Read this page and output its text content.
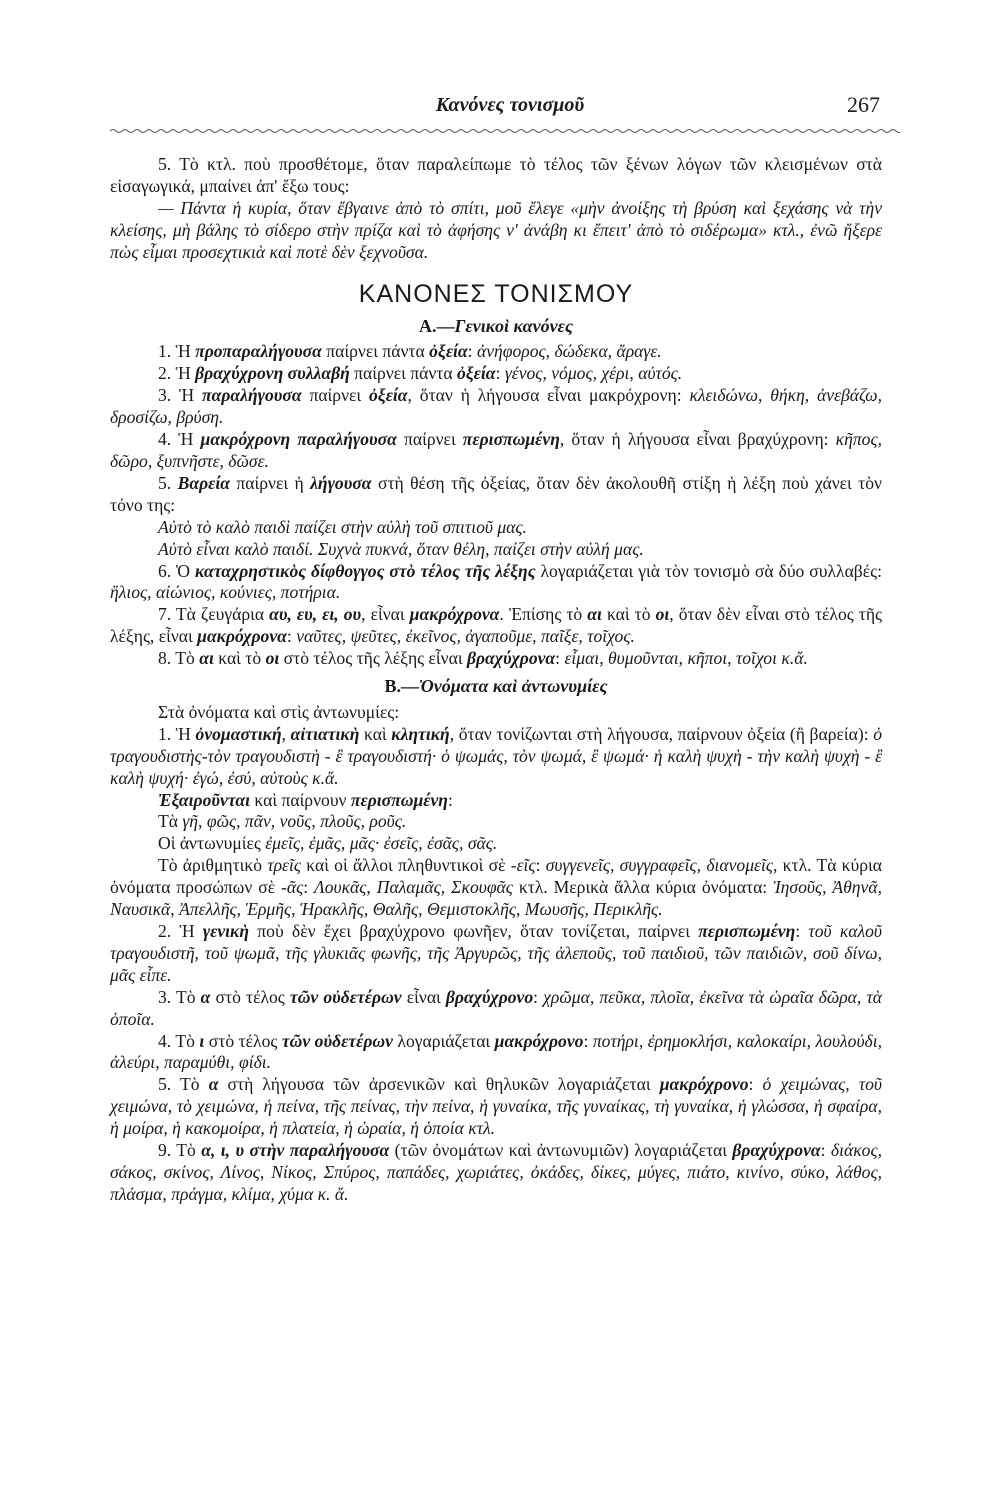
Κανόνες τονισμοῦ	267

5. Τὸ κτλ. ποὺ προσθέτομε, ὅταν παραλείπωμε τὸ τέλος τῶν ξένων λόγων τῶν κλεισμένων στὰ εἰσαγωγικά, μπαίνει ἀπ' ἔξω τους:

— Πάντα ἡ κυρία, ὅταν ἔβγαινε ἀπὸ τὸ σπίτι, μοῦ ἔλεγε «μὴν ἀνοίξης τὴ βρύση καὶ ξεχάσης νὰ τὴν κλείσης, μὴ βάλης τὸ σίδερο στὴν πρίζα καὶ τὸ ἀφήσης ν' ἀνάβη κι ἔπειτ' ἀπὸ τὸ σιδέρωμα» κτλ., ἐνῶ ἤξερε πὼς εἶμαι προσεχτικιὰ καὶ ποτὲ δὲν ξεχνοῦσα.

ΚΑΝΟΝΕΣ ΤΟΝΙΣΜΟΥ
Α.—Γενικοὶ κανόνες

1. Ἡ προπαραλήγουσα παίρνει πάντα ὀξεία: ἀνήφορος, δώδεκα, ἄραγε.

2. Ἡ βραχύχρονη συλλαβή παίρνει πάντα ὀξεία: γένος, νόμος, χέρι, αὐτός.

3. Ἡ παραλήγουσα παίρνει ὀξεία, ὅταν ἡ λήγουσα εἶναι μακρόχρονη: κλειδώνω, θήκη, ἀνεβάζω, δροσίζω, βρύση.

4. Ἡ μακρόχρονη παραλήγουσα παίρνει περισπωμένη, ὅταν ἡ λήγουσα εἶναι βραχύχρονη: κῆπος, δῶρο, ξυπνῆστε, δῶσε.

5. Βαρεία παίρνει ἡ λήγουσα στὴ θέση τῆς ὀξείας, ὅταν δὲν ἀκολουθῆ στίξη ἡ λέξη ποὺ χάνει τὸν τόνο της:

Αὐτὸ τὸ καλὸ παιδὶ παίζει στὴν αὐλὴ τοῦ σπιτιοῦ μας.

Αὐτὸ εἶναι καλὸ παιδί. Συχνὰ πυκνά, ὅταν θέλη, παίζει στὴν αὐλή μας.

6. Ὁ καταχρηστικὸς δίφθογγος στὸ τέλος τῆς λέξης λογαριάζεται γιὰ τὸν τονισμὸ σὰ δύο συλλαβές: ἥλιος, αἰώνιος, κούνιες, ποτήρια.

7. Τὰ ζευγάρια αυ, ευ, ει, ου, εἶναι μακρόχρονα. Ἐπίσης τὸ αι καὶ τὸ οι, ὅταν δὲν εἶναι στὸ τέλος τῆς λέξης, εἶναι μακρόχρονα: ναῦτες, ψεῦτες, ἐκεῖνος, ἀγαποῦμε, παῖξε, τοῖχος.

8. Τὸ αι καὶ τὸ οι στὸ τέλος τῆς λέξης εἶναι βραχύχρονα: εἶμαι, θυμοῦνται, κῆποι, τοῖχοι κ.ἄ.

Β.—Ὀνόματα καὶ ἀντωνυμίες

Στὰ ὀνόματα καὶ στὶς ἀντωνυμίες:

1. Ἡ ὀνομαστική, αἰτιατικὴ καὶ κλητική, ὅταν τονίζωνται στὴ λήγουσα, παίρνουν ὀξεία (ἢ βαρεία): ὁ τραγουδιστὴς-τὸν τραγουδιστὴ - ἒ τραγουδιστή· ὁ ψωμάς, τὸν ψωμά, ἒ ψωμά· ἡ καλὴ ψυχὴ - τὴν καλὴ ψυχὴ - ἒ καλὴ ψυχή· ἐγώ, ἐσύ, αὐτοὺς κ.ἄ.

Ἐξαιροῦνται καὶ παίρνουν περισπωμένη:

Τὰ γῆ, φῶς, πᾶν, νοῦς, πλοῦς, ροῦς.

Οἱ ἀντωνυμίες ἐμεῖς, ἐμᾶς, μᾶς· ἐσεῖς, ἐσᾶς, σᾶς.

Τὸ ἀριθμητικὸ τρεῖς καὶ οἱ ἄλλοι πληθυντικοὶ σὲ -εῖς: συγγενεῖς, συγγραφεῖς, διανομεῖς, κτλ. Τὰ κύρια ὀνόματα προσώπων σὲ -ᾶς: Λουκᾶς, Παλαμᾶς, Σκουφᾶς κτλ. Μερικὰ ἄλλα κύρια ὀνόματα: Ἰησοῦς, Ἀθηνᾶ, Ναυσικᾶ, Ἀπελλῆς, Ἑρμῆς, Ἡρακλῆς, Θαλῆς, Θεμιστοκλῆς, Μωυσῆς, Περικλῆς.

2. Ἡ γενικὴ ποὺ δὲν ἔχει βραχύχρονο φωνῆεν, ὅταν τονίζεται, παίρνει περισπωμένη: τοῦ καλοῦ τραγουδιστῆ, τοῦ ψωμᾶ, τῆς γλυκιᾶς φωνῆς, τῆς Ἀργυρῶς, τῆς ἀλεποῦς, τοῦ παιδιοῦ, τῶν παιδιῶν, σοῦ δίνω, μᾶς εἶπε.

3. Τὸ α στὸ τέλος τῶν οὐδετέρων εἶναι βραχύχρονο: χρῶμα, πεῦκα, πλοῖα, ἐκεῖνα τὰ ὡραῖα δῶρα, τὰ ὁποῖα.

4. Τὸ ι στὸ τέλος τῶν οὐδετέρων λογαριάζεται μακρόχρονο: ποτήρι, ἐρημοκλήσι, καλοκαίρι, λουλούδι, ἀλεύρι, παραμύθι, φίδι.

5. Τὸ α στὴ λήγουσα τῶν ἀρσενικῶν καὶ θηλυκῶν λογαριάζεται μακρόχρονο: ὁ χειμώνας, τοῦ χειμώνα, τὸ χειμώνα, ἡ πείνα, τῆς πείνας, τὴν πείνα, ἡ γυναίκα, τῆς γυναίκας, τὴ γυναίκα, ἡ γλώσσα, ἡ σφαίρα, ἡ μοίρα, ἡ κακομοίρα, ἡ πλατεία, ἡ ὡραία, ἡ ὁποία κτλ.

9. Τὸ α, ι, υ στὴν παραλήγουσα (τῶν ὀνομάτων καὶ ἀντωνυμιῶν) λογαριάζεται βραχύχρονα: διάκος, σάκος, σκίνος, Λίνος, Νίκος, Σπύρος, παπάδες, χωριάτες, ὀκάδες, δίκες, μύγες, πιάτο, κινίνο, σύκο, λάθος, πλάσμα, πράγμα, κλίμα, χύμα κ. ἄ.
